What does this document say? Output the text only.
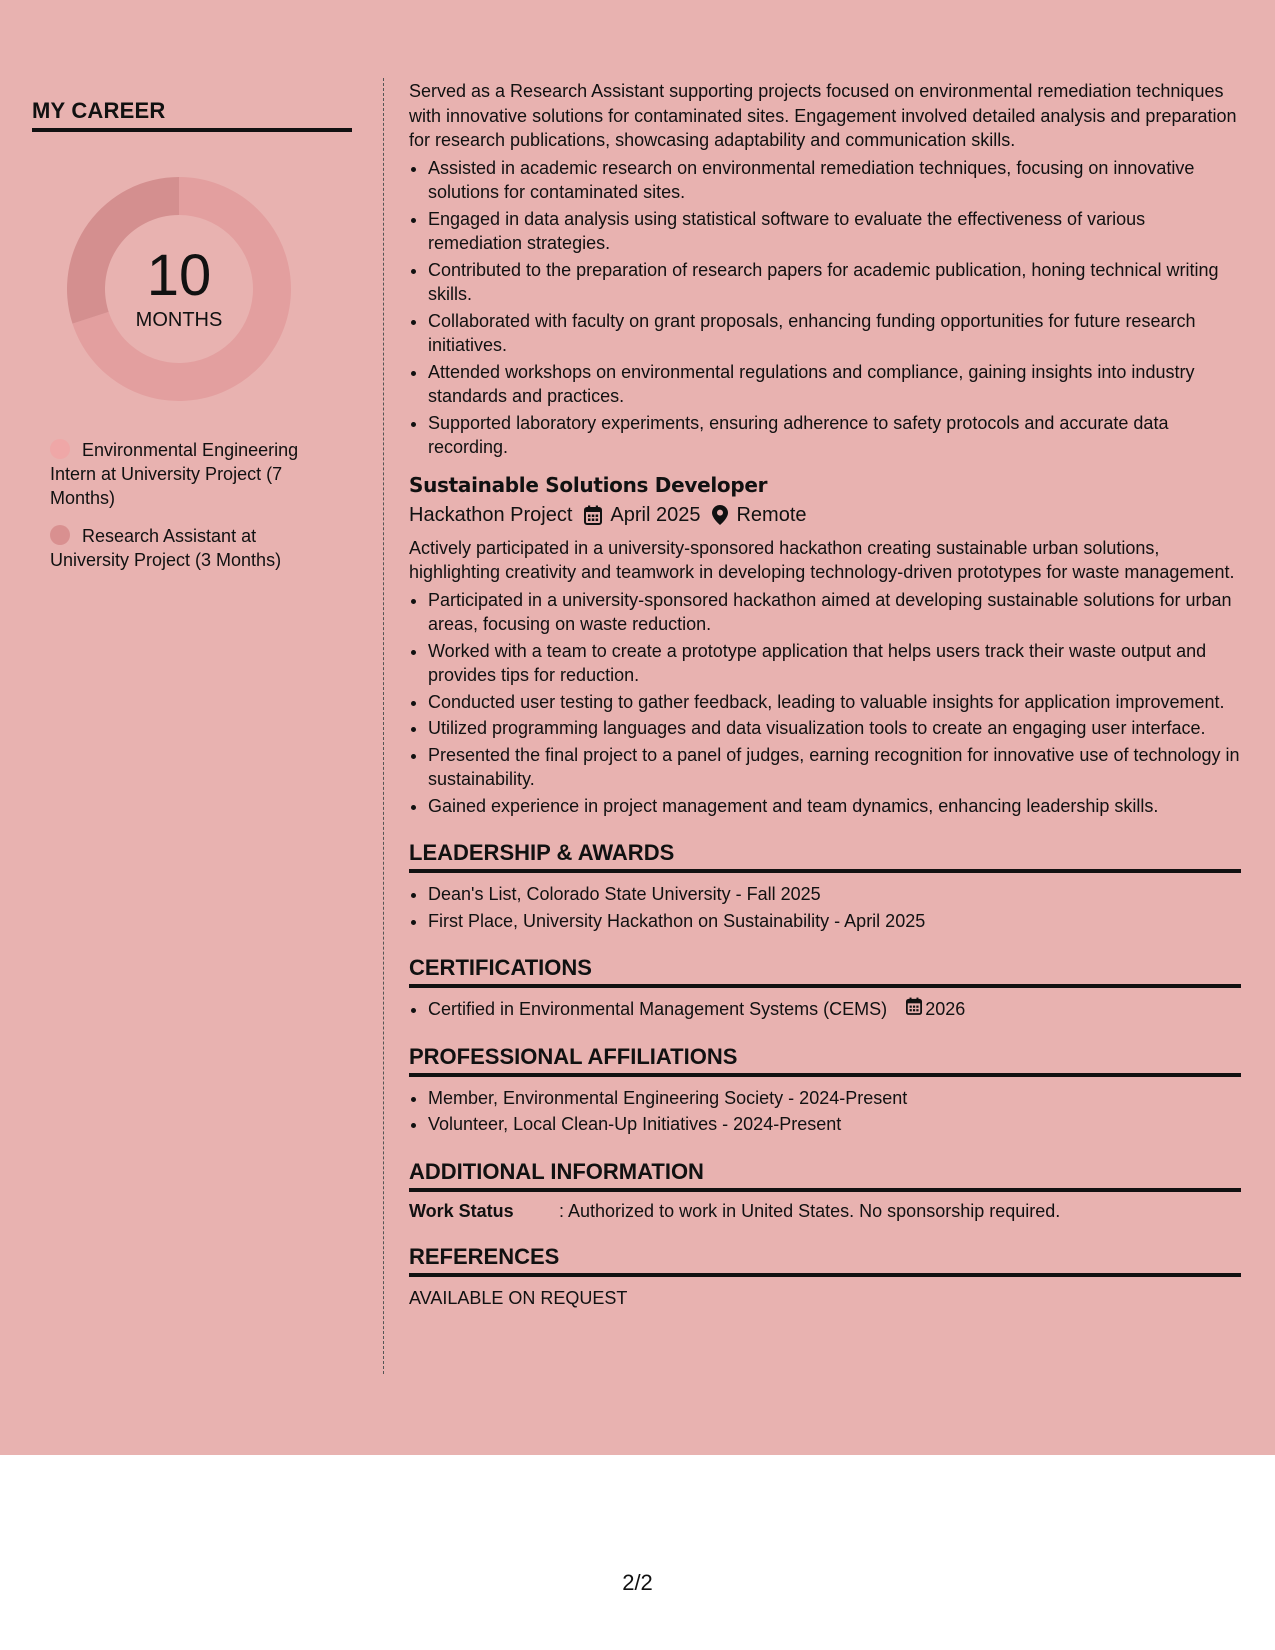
MY CAREER
10
MONTHS
Environmental Engineering Intern at University Project (7 Months)
Research Assistant at University Project (3 Months)

Served as a Research Assistant supporting projects focused on environmental remediation techniques with innovative solutions for contaminated sites. Engagement involved detailed analysis and preparation for research publications, showcasing adaptability and communication skills.

• Assisted in academic research on environmental remediation techniques, focusing on innovative solutions for contaminated sites.
• Engaged in data analysis using statistical software to evaluate the effectiveness of various remediation strategies.
• Contributed to the preparation of research papers for academic publication, honing technical writing skills.
• Collaborated with faculty on grant proposals, enhancing funding opportunities for future research initiatives.
• Attended workshops on environmental regulations and compliance, gaining insights into industry standards and practices.
• Supported laboratory experiments, ensuring adherence to safety protocols and accurate data recording.
Sustainable Solutions Developer
Hackathon Project April 2025 Remote

Actively participated in a university-sponsored hackathon creating sustainable urban solutions, highlighting creativity and teamwork in developing technology-driven prototypes for waste management.

• Participated in a university-sponsored hackathon aimed at developing sustainable solutions for urban areas, focusing on waste reduction.
• Worked with a team to create a prototype application that helps users track their waste output and provides tips for reduction.
• Conducted user testing to gather feedback, leading to valuable insights for application improvement.
• Utilized programming languages and data visualization tools to create an engaging user interface.
• Presented the final project to a panel of judges, earning recognition for innovative use of technology in sustainability.
• Gained experience in project management and team dynamics, enhancing leadership skills.
LEADERSHIP & AWARDS
• Dean's List, Colorado State University - Fall 2025
• First Place, University Hackathon on Sustainability - April 2025
CERTIFICATIONS
• Certified in Environmental Management Systems (CEMS) 2026
PROFESSIONAL AFFILIATIONS
• Member, Environmental Engineering Society - 2024-Present
• Volunteer, Local Clean-Up Initiatives - 2024-Present
ADDITIONAL INFORMATION
Work Status	: Authorized to work in United States. No sponsorship required.
REFERENCES
AVAILABLE ON REQUEST
2/2
